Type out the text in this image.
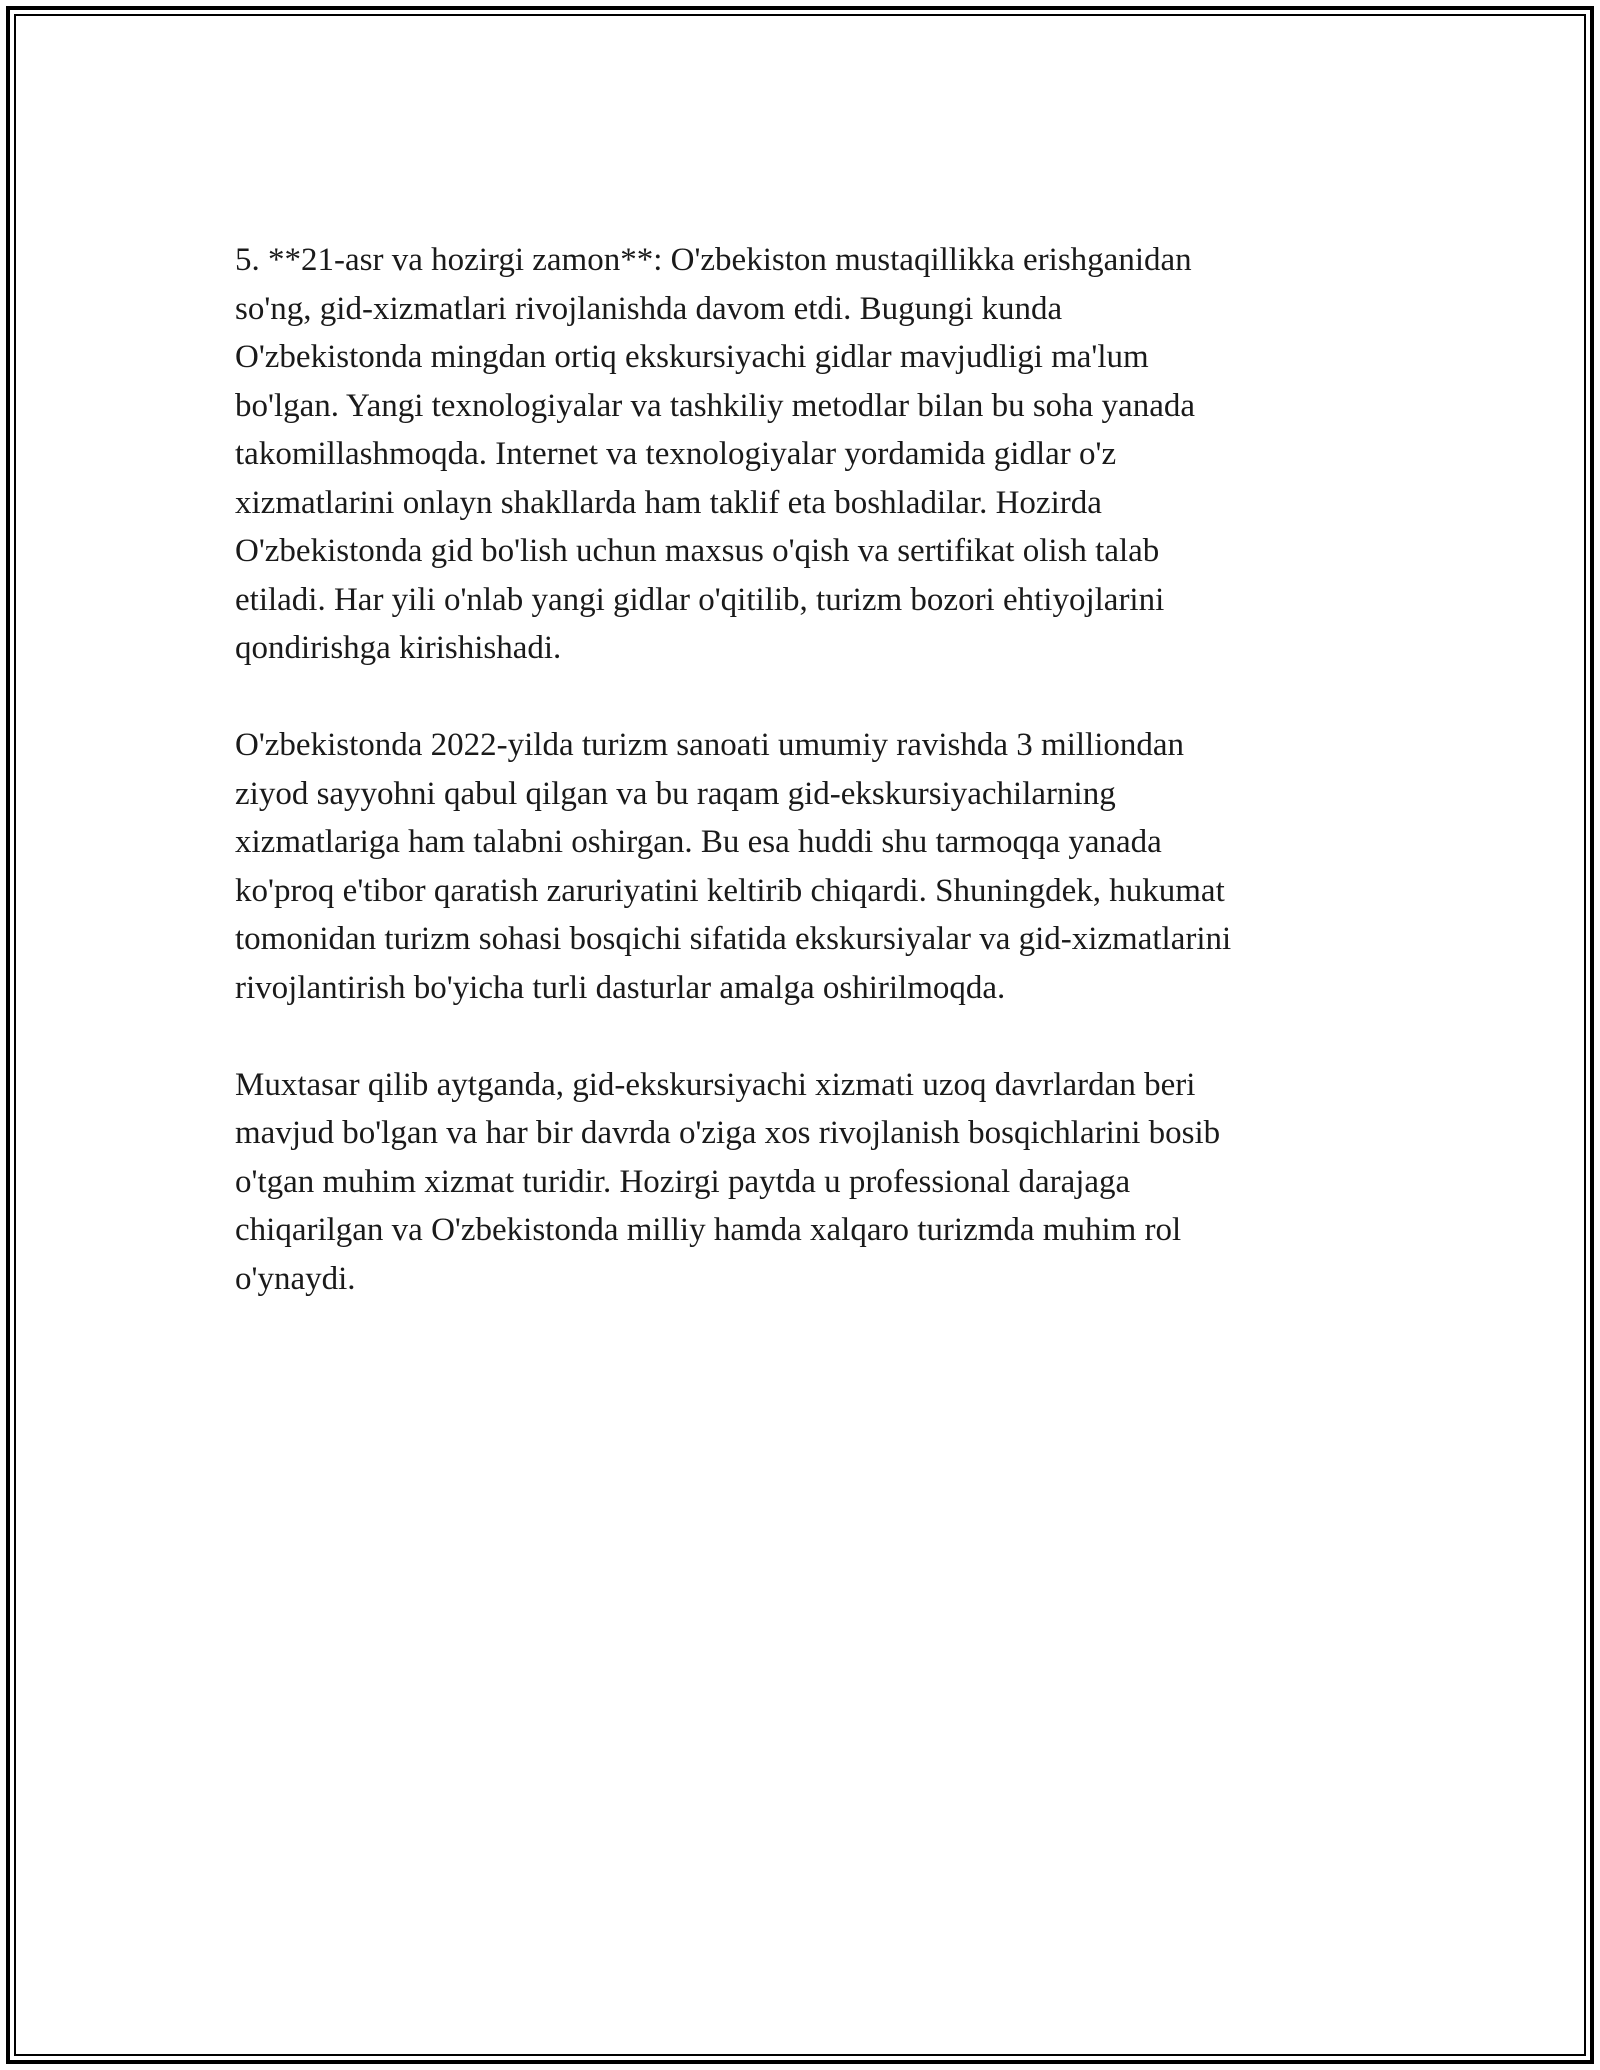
5. **21-asr va hozirgi zamon**: O'zbekiston mustaqillikka erishganidan
so'ng, gid-xizmatlari rivojlanishda davom etdi. Bugungi kunda
O'zbekistonda mingdan ortiq ekskursiyachi gidlar mavjudligi ma'lum
bo'lgan. Yangi texnologiyalar va tashkiliy metodlar bilan bu soha yanada
takomillashmoqda. Internet va texnologiyalar yordamida gidlar o'z
xizmatlarini onlayn shakllarda ham taklif eta boshladilar. Hozirda
O'zbekistonda gid bo'lish uchun maxsus o'qish va sertifikat olish talab
etiladi. Har yili o'nlab yangi gidlar o'qitilib, turizm bozori ehtiyojlarini
qondirishga kirishishadi.

O'zbekistonda 2022-yilda turizm sanoati umumiy ravishda 3 milliondan
ziyod sayyohni qabul qilgan va bu raqam gid-ekskursiyachilarning
xizmatlariga ham talabni oshirgan. Bu esa huddi shu tarmoqqa yanada
ko'proq e'tibor qaratish zaruriyatini keltirib chiqardi. Shuningdek, hukumat
tomonidan turizm sohasi bosqichi sifatida ekskursiyalar va gid-xizmatlarini
rivojlantirish bo'yicha turli dasturlar amalga oshirilmoqda.

Muxtasar qilib aytganda, gid-ekskursiyachi xizmati uzoq davrlardan beri
mavjud bo'lgan va har bir davrda o'ziga xos rivojlanish bosqichlarini bosib
o'tgan muhim xizmat turidir. Hozirgi paytda u professional darajaga
chiqarilgan va O'zbekistonda milliy hamda xalqaro turizmda muhim rol
o'ynaydi.
